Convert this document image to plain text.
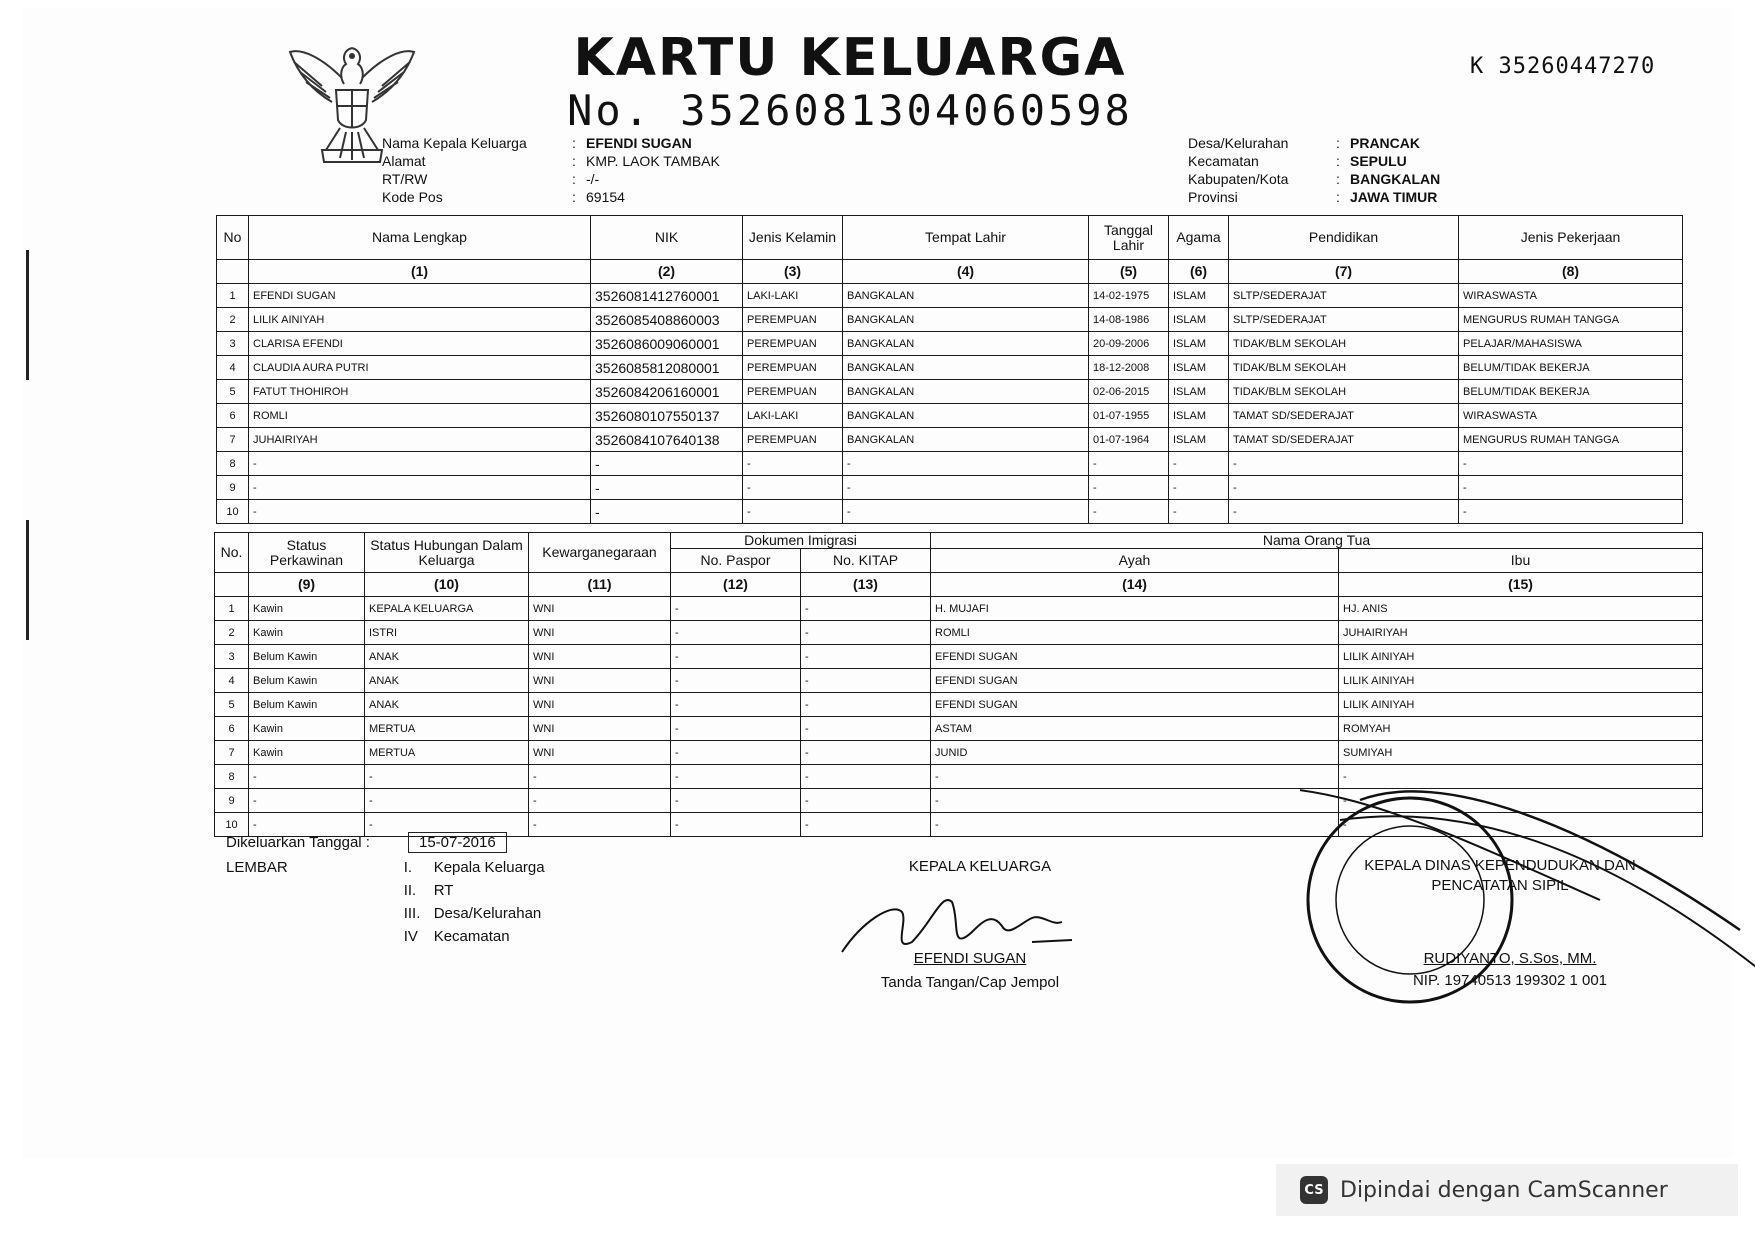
KARTU KELUARGA
No. 3526081304060598
K 35260447270
Nama Kepala Keluarga	: EFENDI SUGAN
Alamat	: KMP. LAOK TAMBAK
RT/RW	: -/-
Kode Pos	: 69154
Desa/Kelurahan	: PRANCAK
Kecamatan	: SEPULU
Kabupaten/Kota	: BANGKALAN
Provinsi	: JAWA TIMUR
No	Nama Lengkap	NIK	Jenis Kelamin	Tempat Lahir	Tanggal Lahir	Agama	Pendidikan	Jenis Pekerjaan
	(1)	(2)	(3)	(4)	(5)	(6)	(7)	(8)
1	EFENDI SUGAN	3526081412760001	LAKI-LAKI	BANGKALAN	14-02-1975	ISLAM	SLTP/SEDERAJAT	WIRASWASTA
2	LILIK AINIYAH	3526085408860003	PEREMPUAN	BANGKALAN	14-08-1986	ISLAM	SLTP/SEDERAJAT	MENGURUS RUMAH TANGGA
3	CLARISA EFENDI	3526086009060001	PEREMPUAN	BANGKALAN	20-09-2006	ISLAM	TIDAK/BLM SEKOLAH	PELAJAR/MAHASISWA
4	CLAUDIA AURA PUTRI	3526085812080001	PEREMPUAN	BANGKALAN	18-12-2008	ISLAM	TIDAK/BLM SEKOLAH	BELUM/TIDAK BEKERJA
5	FATUT THOHIROH	3526084206160001	PEREMPUAN	BANGKALAN	02-06-2015	ISLAM	TIDAK/BLM SEKOLAH	BELUM/TIDAK BEKERJA
6	ROMLI	3526080107550137	LAKI-LAKI	BANGKALAN	01-07-1955	ISLAM	TAMAT SD/SEDERAJAT	WIRASWASTA
7	JUHAIRIYAH	3526084107640138	PEREMPUAN	BANGKALAN	01-07-1964	ISLAM	TAMAT SD/SEDERAJAT	MENGURUS RUMAH TANGGA
8	-	-	-	-	-	-	-	-
9	-	-	-	-	-	-	-	-
10	-	-	-	-	-	-	-	-
No.	Status Perkawinan	Status Hubungan Dalam Keluarga	Kewarganegaraan	Dokumen Imigrasi		Nama Orang Tua	
				No. Paspor	No. KITAP	Ayah	Ibu
	(9)	(10)	(11)	(12)	(13)	(14)	(15)
1	Kawin	KEPALA KELUARGA	WNI	-	-	H. MUJAFI	HJ. ANIS
2	Kawin	ISTRI	WNI	-	-	ROMLI	JUHAIRIYAH
3	Belum Kawin	ANAK	WNI	-	-	EFENDI SUGAN	LILIK AINIYAH
4	Belum Kawin	ANAK	WNI	-	-	EFENDI SUGAN	LILIK AINIYAH
5	Belum Kawin	ANAK	WNI	-	-	EFENDI SUGAN	LILIK AINIYAH
6	Kawin	MERTUA	WNI	-	-	ASTAM	ROMYAH
7	Kawin	MERTUA	WNI	-	-	JUNID	SUMIYAH
8	-	-	-	-	-	-	-
9	-	-	-	-	-	-	-
10	-	-	-	-	-	-	-
Dikeluarkan Tanggal :	15-07-2016
LEMBAR	I.	Kepala Keluarga
II.	RT
III. Desa/Kelurahan
IV	Kecamatan
KEPALA KELUARGA
EFENDI SUGAN
Tanda Tangan/Cap Jempol
KEPALA DINAS KEPENDUDUKAN DAN PENCATATAN SIPIL
RUDIYANTO, S.Sos, MM.
NIP. 19740513 199302 1 001
CS Dipindai dengan CamScanner
